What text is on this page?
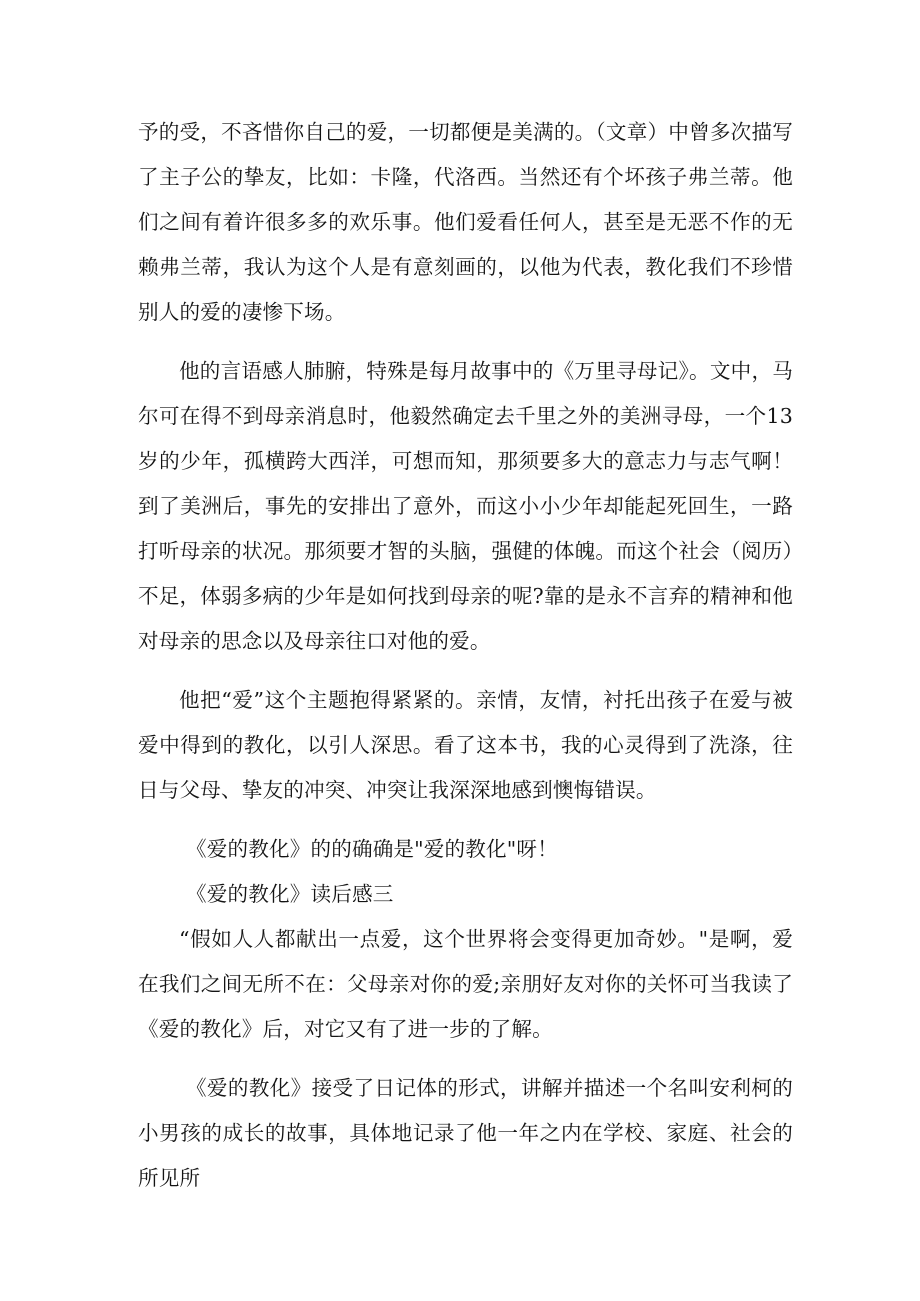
予的受，不吝惜你自己的爱，一切都便是美满的。（文章）中曾多次描写了主子公的挚友，比如：卡隆，代洛西。当然还有个坏孩子弗兰蒂。他们之间有着许很多多的欢乐事。他们爱看任何人，甚至是无恶不作的无赖弗兰蒂，我认为这个人是有意刻画的，以他为代表，教化我们不珍惜别人的爱的凄惨下场。

他的言语感人肺腑，特殊是每月故事中的《万里寻母记》。文中，马尔可在得不到母亲消息时，他毅然确定去千里之外的美洲寻母，一个13岁的少年，孤横跨大西洋，可想而知，那须要多大的意志力与志气啊！到了美洲后，事先的安排出了意外，而这小小少年却能起死回生，一路打听母亲的状况。那须要才智的头脑，强健的体魄。而这个社会（阅历）不足，体弱多病的少年是如何找到母亲的呢?靠的是永不言弃的精神和他对母亲的思念以及母亲往口对他的爱。

他把“爱”这个主题抱得紧紧的。亲情，友情，衬托出孩子在爱与被爱中得到的教化，以引人深思。看了这本书，我的心灵得到了洗涤，往日与父母、挚友的冲突、冲突让我深深地感到懊悔错误。

《爱的教化》的的确确是"爱的教化"呀！

《爱的教化》读后感三

“假如人人都献出一点爱，这个世界将会变得更加奇妙。"是啊，爱在我们之间无所不在：父母亲对你的爱;亲朋好友对你的关怀可当我读了《爱的教化》后，对它又有了进一步的了解。

《爱的教化》接受了日记体的形式，讲解并描述一个名叫安利柯的小男孩的成长的故事，具体地记录了他一年之内在学校、家庭、社会的所见所
